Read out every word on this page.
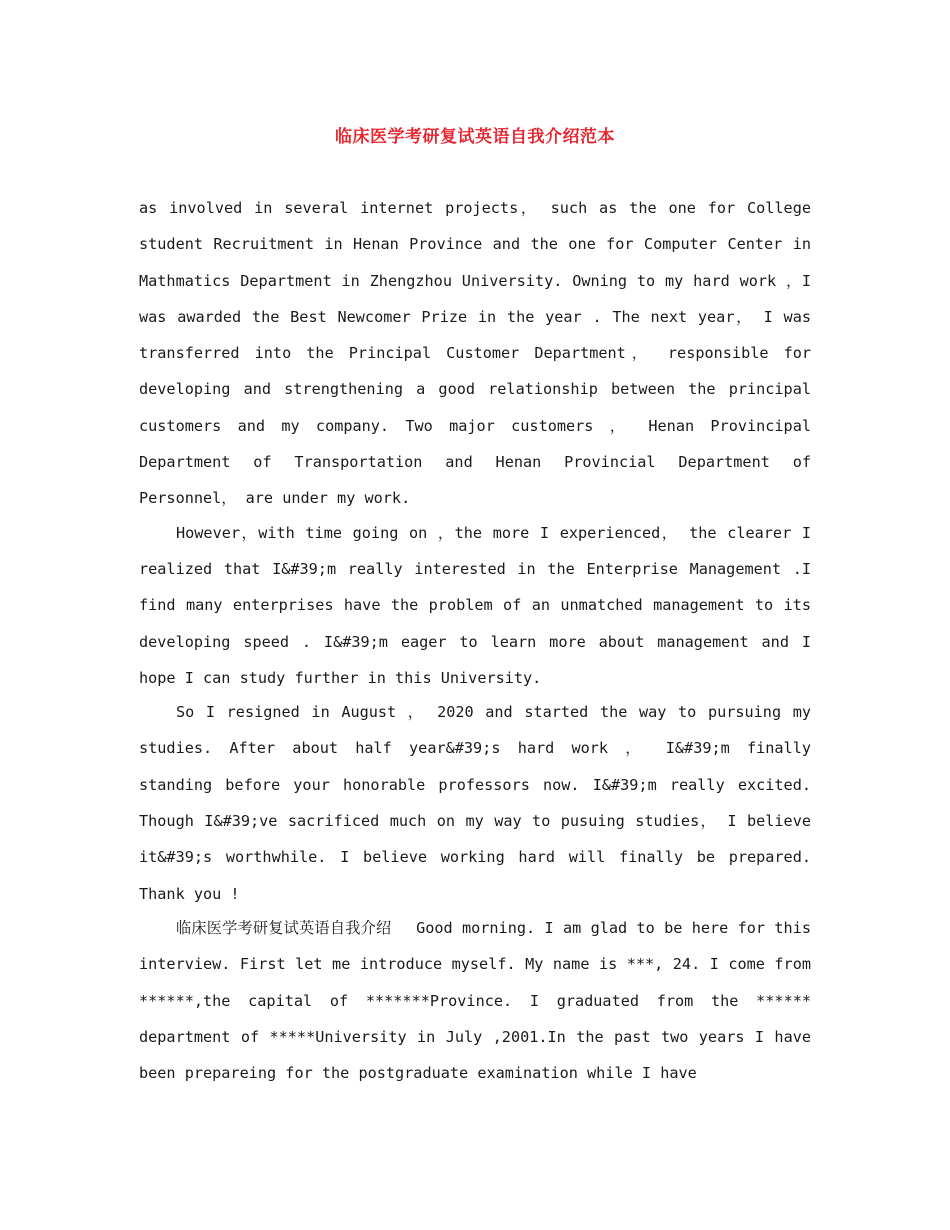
临床医学考研复试英语自我介绍范本

as involved in several internet projects， such as the one for College student Recruitment in Henan Province and the one for Computer Center in Mathmatics Department in Zhengzhou University. Owning to my hard work ，I was awarded the Best Newcomer Prize in the year . The next year， I was transferred into the Principal Customer Department， responsible for developing and strengthening a good relationship between the principal customers and my company. Two major customers ， Henan Provincipal Department of Transportation and Henan Provincial Department of Personnel， are under my work.

However，with time going on ，the more I experienced， the clearer I realized that I&#39;m really interested in the Enterprise Management .I find many enterprises have the problem of an unmatched management to its developing speed . I&#39;m eager to learn more about management and I hope I can study further in this University.

So I resigned in August ， 2020 and started the way to pursuing my studies. After about half year&#39;s hard work ， I&#39;m finally standing before your honorable professors now. I&#39;m really excited. Though I&#39;ve sacrificed much on my way to pusuing studies， I believe it&#39;s worthwhile. I believe working hard will finally be prepared. Thank you !

临床医学考研复试英语自我介绍　 Good morning. I am glad to be here for this interview. First let me introduce myself. My name is ***, 24. I come from ******,the capital of *******Province. I graduated from the ****** department of *****University in July ,2001.In the past two years I have been prepareing for the postgraduate examination while I have
